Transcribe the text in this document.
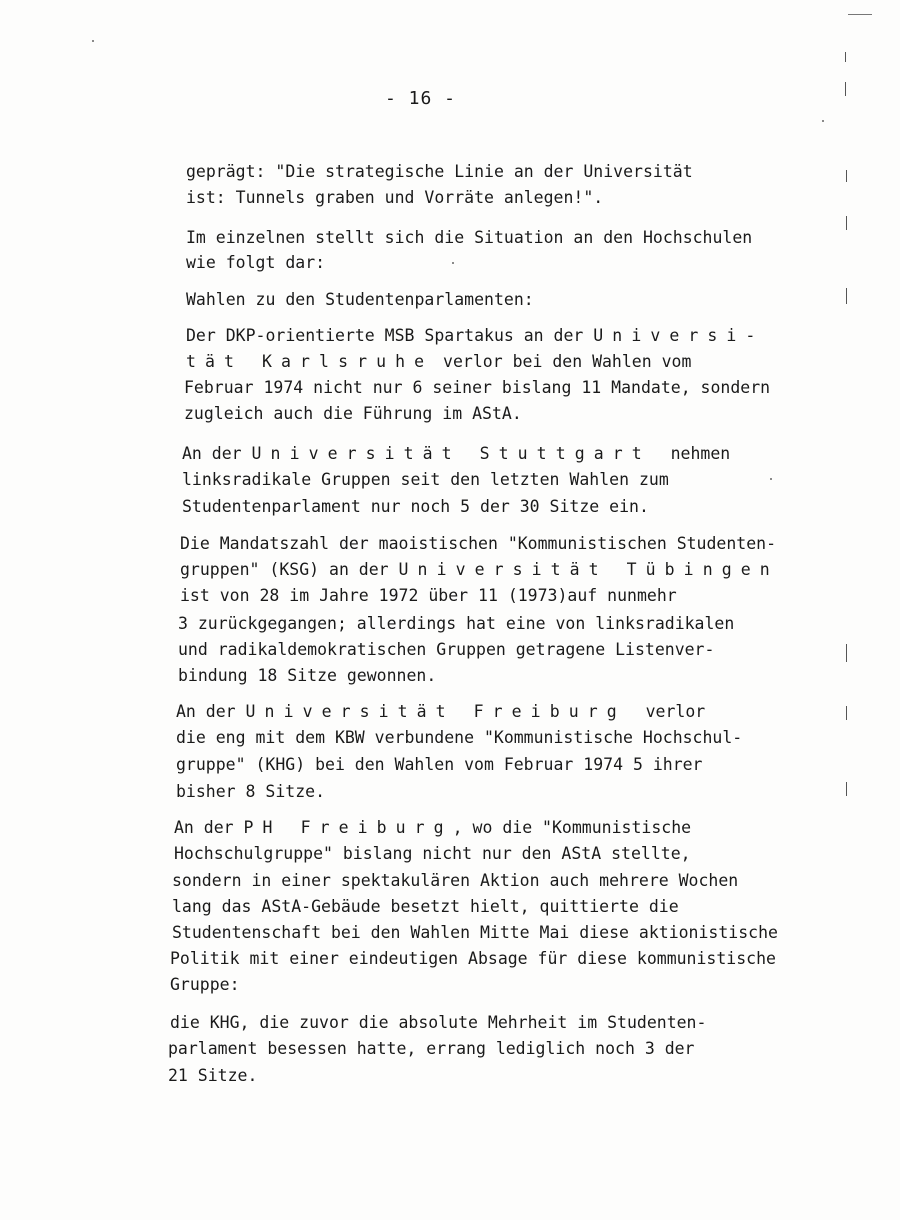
- 16 -
geprägt: "Die strategische Linie an der Universität
ist: Tunnels graben und Vorräte anlegen!".
Im einzelnen stellt sich die Situation an den Hochschulen
wie folgt dar:
Wahlen zu den Studentenparlamenten:
Der DKP-orientierte MSB Spartakus an der Universi-
tät Karlsruhe verlor bei den Wahlen vom
Februar 1974 nicht nur 6 seiner bislang 11 Mandate, sondern
zugleich auch die Führung im AStA.
An der Universität Stuttgart  nehmen
linksradikale Gruppen seit den letzten Wahlen zum
Studentenparlament nur noch 5 der 30 Sitze ein.
Die Mandatszahl der maoistischen "Kommunistischen Studenten-
gruppen" (KSG) an der Universität Tübingen
ist von 28 im Jahre 1972 über 11 (1973)auf nunmehr
3 zurückgegangen; allerdings hat eine von linksradikalen
und radikaldemokratischen Gruppen getragene Listenver-
bindung 18 Sitze gewonnen.
An der Universität Freiburg  verlor
die eng mit dem KBW verbundene "Kommunistische Hochschul-
gruppe" (KHG) bei den Wahlen vom Februar 1974 5 ihrer
bisher 8 Sitze.
An der PH Freiburg, wo die "Kommunistische
Hochschulgruppe" bislang nicht nur den AStA stellte,
sondern in einer spektakulären Aktion auch mehrere Wochen
lang das AStA-Gebäude besetzt hielt, quittierte die
Studentenschaft bei den Wahlen Mitte Mai diese aktionistische
Politik mit einer eindeutigen Absage für diese kommunistische
Gruppe:
die KHG, die zuvor die absolute Mehrheit im Studenten-
parlament besessen hatte, errang lediglich noch 3 der
21 Sitze.
